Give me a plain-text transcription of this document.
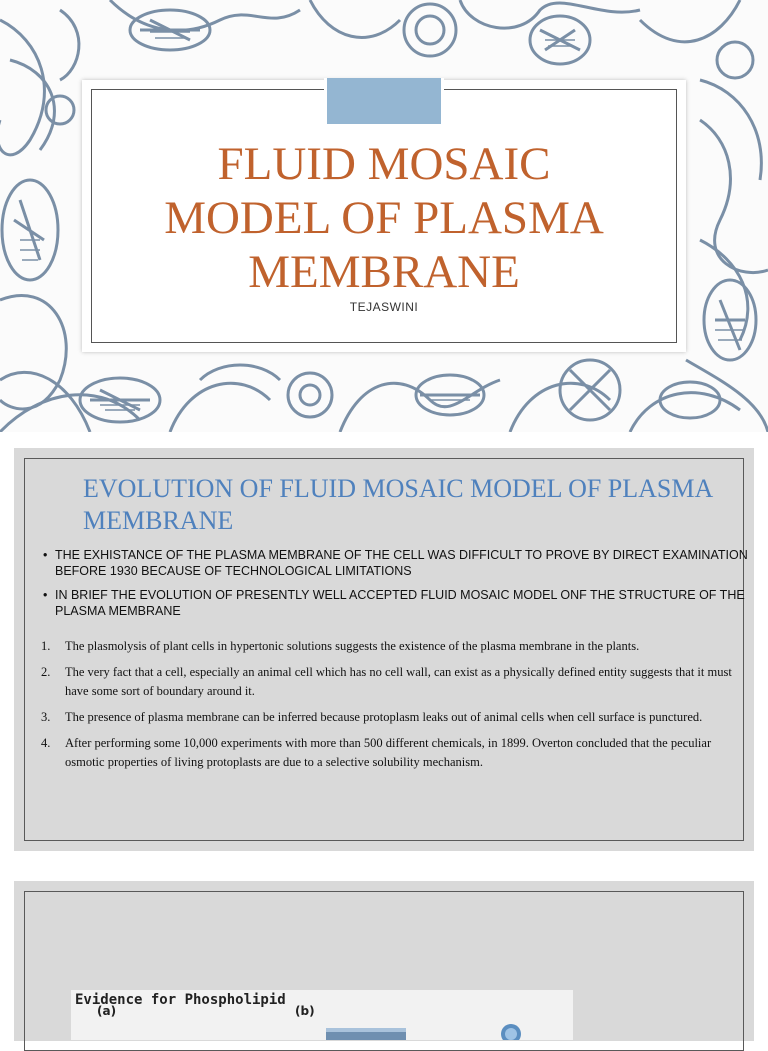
FLUID MOSAIC
MODEL OF PLASMA
MEMBRANE
TEJASWINI
EVOLUTION OF FLUID MOSAIC MODEL OF PLASMA MEMBRANE
• THE EXHISTANCE OF THE PLASMA MEMBRANE OF THE CELL WAS DIFFICULT TO PROVE BY DIRECT EXAMINATION BEFORE 1930 BECAUSE OF TECHNOLOGICAL LIMITATIONS
• IN BRIEF THE EVOLUTION OF PRESENTLY WELL ACCEPTED FLUID MOSAIC MODEL ONF THE STRUCTURE OF THE PLASMA MEMBRANE
1. The plasmolysis of plant cells in hypertonic solutions suggests the existence of the plasma membrane in the plants.
2. The very fact that a cell, especially an animal cell which has no cell wall, can exist as a physically defined entity suggests that it must have some sort of boundary around it.
3. The presence of plasma membrane can be inferred because protoplasm leaks out of animal cells when cell surface is punctured.
4. After performing some 10,000 experiments with more than 500 different chemicals, in 1899. Overton concluded that the peculiar osmotic properties of living protoplasts are due to a selective solubility mechanism.
Evidence for Phospholipid
(a)	(b)
